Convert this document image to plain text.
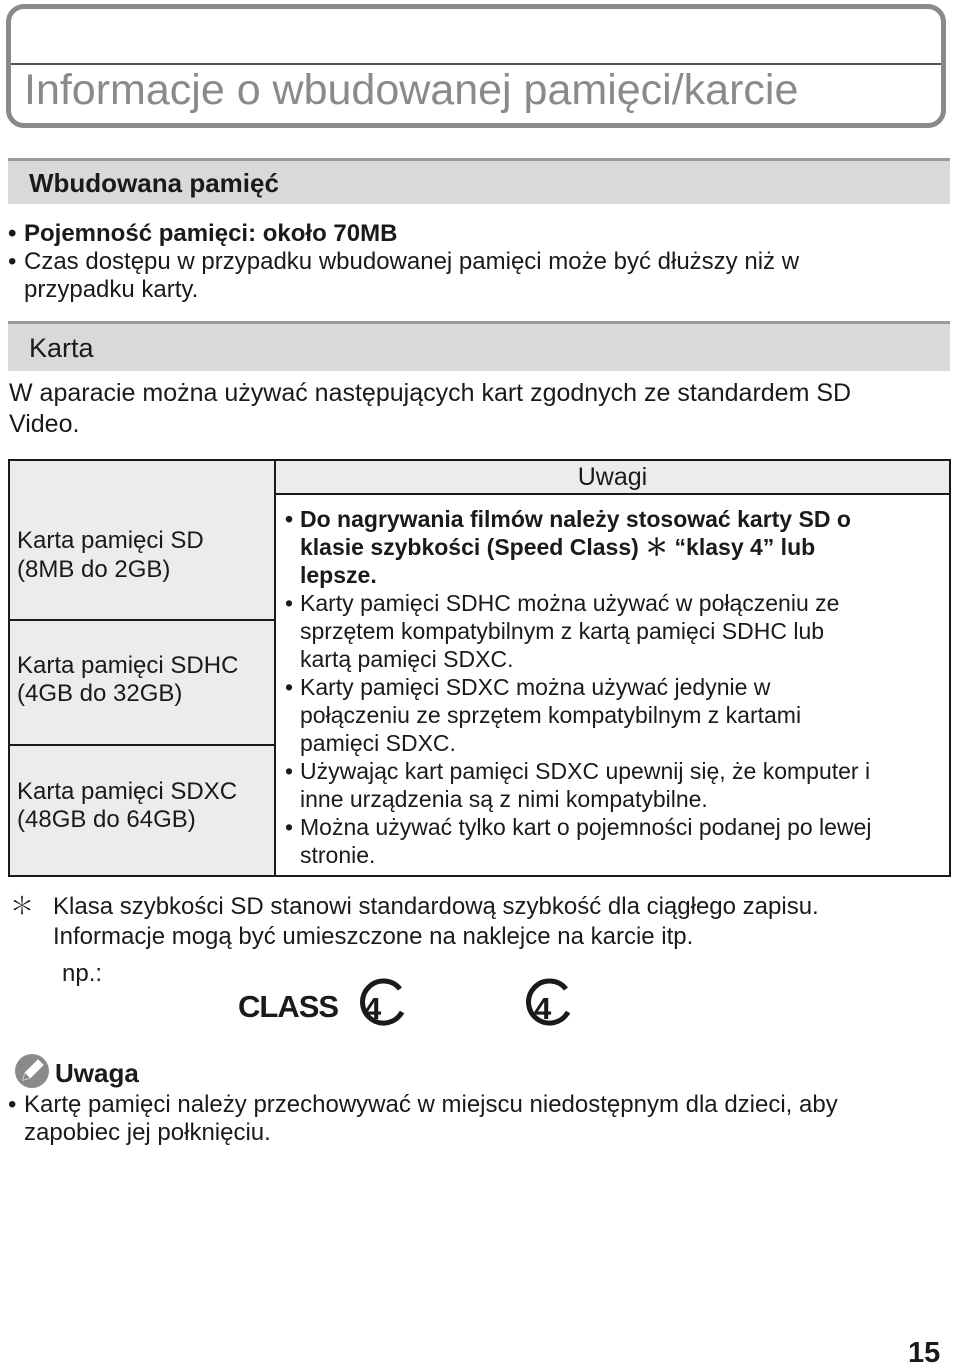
Informacje o wbudowanej pamięci/karcie
Wbudowana pamięć
• Pojemność pamięci: około 70MB
• Czas dostępu w przypadku wbudowanej pamięci może być dłuższy niż w
przypadku karty.
Karta
W aparacie można używać następujących kart zgodnych ze standardem SD
Video.
Karta pamięci SD
(8MB do 2GB)
Karta pamięci SDHC
(4GB do 32GB)
Karta pamięci SDXC
(48GB do 64GB)
Uwagi
• Do nagrywania filmów należy stosować karty SD o
klasie szybkości (Speed Class) ＊ “klasy 4” lub
lepsze.
• Karty pamięci SDHC można używać w połączeniu ze
sprzętem kompatybilnym z kartą pamięci SDHC lub
kartą pamięci SDXC.
• Karty pamięci SDXC można używać jedynie w
połączeniu ze sprzętem kompatybilnym z kartami
pamięci SDXC.
• Używając kart pamięci SDXC upewnij się, że komputer i
inne urządzenia są z nimi kompatybilne.
• Można używać tylko kart o pojemności podanej po lewej
stronie.
＊ Klasa szybkości SD stanowi standardową szybkość dla ciągłego zapisu.
Informacje mogą być umieszczone na naklejce na karcie itp.
np.:
CLASS 4	4
Uwaga
• Kartę pamięci należy przechowywać w miejscu niedostępnym dla dzieci, aby
zapobiec jej połknięciu.
15
